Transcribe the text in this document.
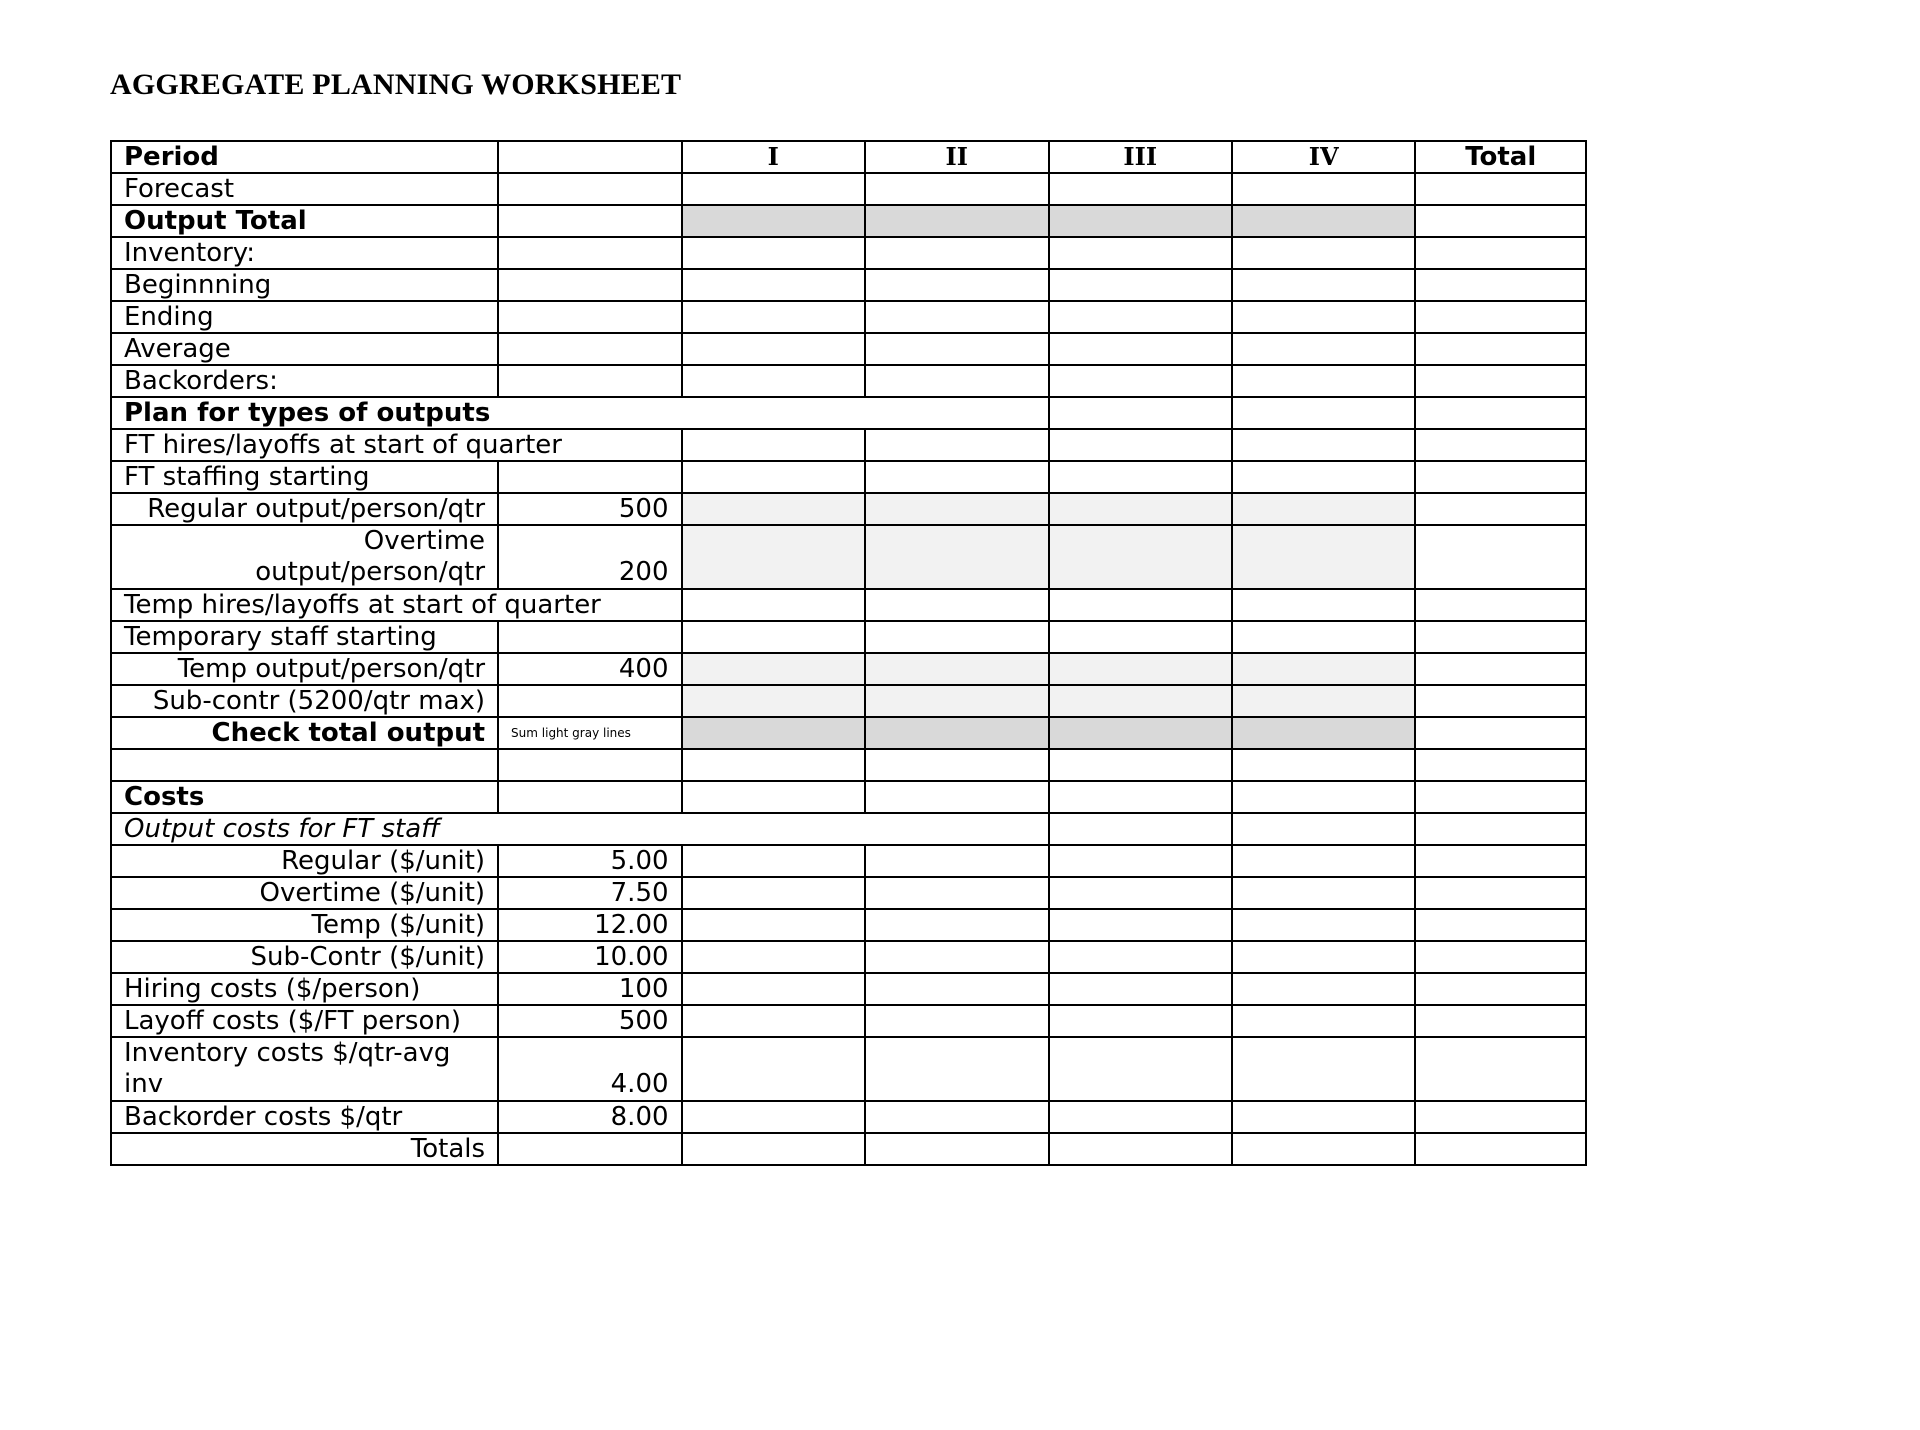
AGGREGATE PLANNING WORKSHEET
Period		I	II	III	IV	Total
Forecast						
Output Total						
Inventory:						
Beginnning						
Ending						
Average						
Backorders:						
Plan for types of outputs						
FT hires/layoffs at start of quarter						
FT staffing starting						
Regular output/person/qtr	500					
Overtime
output/person/qtr	200					
Temp hires/layoffs at start of quarter						
Temporary staff starting						
Temp output/person/qtr	400					
Sub-contr (5200/qtr max)						
Check total output	Sum light gray lines					

Costs						
Output costs for FT staff						
Regular ($/unit)	5.00					
Overtime ($/unit)	7.50					
Temp ($/unit)	12.00					
Sub-Contr ($/unit)	10.00					
Hiring costs ($/person)	100					
Layoff costs ($/FT person)	500					
Inventory costs $/qtr-avg inv	4.00					
Backorder costs $/qtr	8.00					
Totals						
